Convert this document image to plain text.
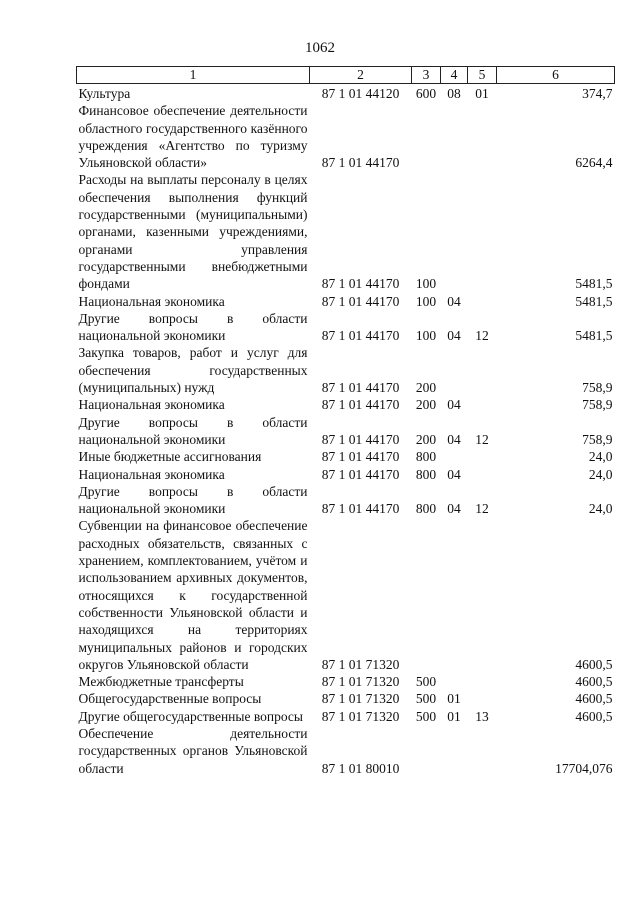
1062
1	2	3	4	5	6
Культура	87 1 01 44120	600	08	01	374,7
Финансовое обеспечение деятельности областного государственного казённого учреждения «Агентство по туризму Ульяновской области»	87 1 01 44170				6264,4
Расходы на выплаты персоналу в целях обеспечения выполнения функций государственными (муниципальными) органами, казенными учреждениями, органами управления государственными внебюджетными фондами	87 1 01 44170	100			5481,5
Национальная экономика	87 1 01 44170	100	04		5481,5
Другие вопросы в области национальной экономики	87 1 01 44170	100	04	12	5481,5
Закупка товаров, работ и услуг для обеспечения государственных (муниципальных) нужд	87 1 01 44170	200			758,9
Национальная экономика	87 1 01 44170	200	04		758,9
Другие вопросы в области национальной экономики	87 1 01 44170	200	04	12	758,9
Иные бюджетные ассигнования	87 1 01 44170	800			24,0
Национальная экономика	87 1 01 44170	800	04		24,0
Другие вопросы в области национальной экономики	87 1 01 44170	800	04	12	24,0
Субвенции на финансовое обеспечение расходных обязательств, связанных с хранением, комплектованием, учётом и использованием архивных документов, относящихся к государственной собственности Ульяновской области и находящихся на территориях муниципальных районов и городских округов Ульяновской области	87 1 01 71320				4600,5
Межбюджетные трансферты	87 1 01 71320	500			4600,5
Общегосударственные вопросы	87 1 01 71320	500	01		4600,5
Другие общегосударственные вопросы	87 1 01 71320	500	01	13	4600,5
Обеспечение деятельности государственных органов Ульяновской области	87 1 01 80010				17704,076
